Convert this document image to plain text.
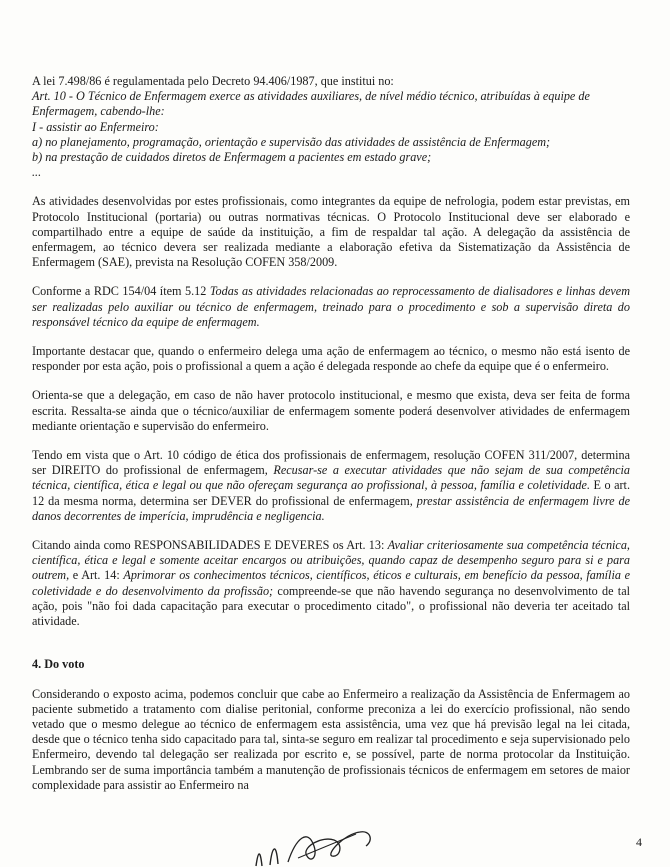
A lei 7.498/86 é regulamentada pelo Decreto 94.406/1987, que institui no:

Art. 10 - O Técnico de Enfermagem exerce as atividades auxiliares, de nível médio técnico, atribuídas à equipe de Enfermagem, cabendo-lhe:

I - assistir ao Enfermeiro:

a) no planejamento, programação, orientação e supervisão das atividades de assistência de Enfermagem;

b) na prestação de cuidados diretos de Enfermagem a pacientes em estado grave;

...

As atividades desenvolvidas por estes profissionais, como integrantes da equipe de nefrologia, podem estar previstas, em Protocolo Institucional (portaria) ou outras normativas técnicas. O Protocolo Institucional deve ser elaborado e compartilhado entre a equipe de saúde da instituição, a fim de respaldar tal ação. A delegação da assistência de enfermagem, ao técnico devera ser realizada mediante a elaboração efetiva da Sistematização da Assistência de Enfermagem (SAE), prevista na Resolução COFEN 358/2009.

Conforme a RDC 154/04 ítem 5.12 Todas as atividades relacionadas ao reprocessamento de dialisadores e linhas devem ser realizadas pelo auxiliar ou técnico de enfermagem, treinado para o procedimento e sob a supervisão direta do responsável técnico da equipe de enfermagem.

Importante destacar que, quando o enfermeiro delega uma ação de enfermagem ao técnico, o mesmo não está isento de responder por esta ação, pois o profissional a quem a ação é delegada responde ao chefe da equipe que é o enfermeiro.

Orienta-se que a delegação, em caso de não haver protocolo institucional, e mesmo que exista, deva ser feita de forma escrita. Ressalta-se ainda que o técnico/auxiliar de enfermagem somente poderá desenvolver atividades de enfermagem mediante orientação e supervisão do enfermeiro.

Tendo em vista que o Art. 10 código de ética dos profissionais de enfermagem, resolução COFEN 311/2007, determina ser DIREITO do profissional de enfermagem, Recusar-se a executar atividades que não sejam de sua competência técnica, científica, ética e legal ou que não ofereçam segurança ao profissional, à pessoa, família e coletividade. E o art. 12 da mesma norma, determina ser DEVER do profissional de enfermagem, prestar assistência de enfermagem livre de danos decorrentes de imperícia, imprudência e negligencia.

Citando ainda como RESPONSABILIDADES E DEVERES os Art. 13: Avaliar criteriosamente sua competência técnica, científica, ética e legal e somente aceitar encargos ou atribuições, quando capaz de desempenho seguro para si e para outrem, e Art. 14: Aprimorar os conhecimentos técnicos, científicos, éticos e culturais, em benefício da pessoa, família e coletividade e do desenvolvimento da profissão; compreende-se que não havendo segurança no desenvolvimento de tal ação, pois "não foi dada capacitação para executar o procedimento citado", o profissional não deveria ter aceitado tal atividade.

4. Do voto

Considerando o exposto acima, podemos concluir que cabe ao Enfermeiro a realização da Assistência de Enfermagem ao paciente submetido a tratamento com dialise peritonial, conforme preconiza a lei do exercício profissional, não sendo vetado que o mesmo delegue ao técnico de enfermagem esta assistência, uma vez que há previsão legal na lei citada, desde que o técnico tenha sido capacitado para tal, sinta-se seguro em realizar tal procedimento e seja supervisionado pelo Enfermeiro, devendo tal delegação ser realizada por escrito e, se possível, parte de norma protocolar da Instituição. Lembrando ser de suma importância também a manutenção de profissionais técnicos de enfermagem em setores de maior complexidade para assistir ao Enfermeiro na

4
